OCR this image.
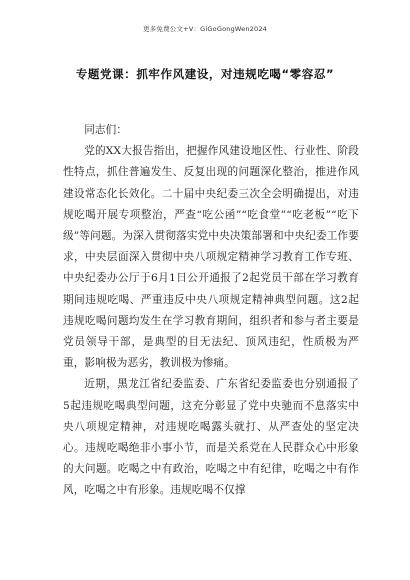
更多免费公文+V：GiGoGongWen2024
专题党课：抓牢作风建设，对违规吃喝“零容忍”

同志们：

党的XX大报告指出，把握作风建设地区性、行业性、阶段性特点，抓住普遍发生、反复出现的问题深化整治，推进作风建设常态化长效化。二十届中央纪委三次全会明确提出，对违规吃喝开展专项整治，严查“吃公函”“吃食堂”“吃老板”“吃下级”等问题。为深入贯彻落实党中央决策部署和中央纪委工作要求，中央层面深入贯彻中央八项规定精神学习教育工作专班、中央纪委办公厅于6月1日公开通报了2起党员干部在学习教育期间违规吃喝、严重违反中央八项规定精神典型问题。这2起违规吃喝问题均发生在学习教育期间，组织者和参与者主要是党员领导干部，是典型的目无法纪、顶风违纪，性质极为严重，影响极为恶劣，教训极为惨痛。

近期，黑龙江省纪委监委、广东省纪委监委也分别通报了5起违规吃喝典型问题，这充分彰显了党中央驰而不息落实中央八项规定精神，对违规吃喝露头就打、从严查处的坚定决心。违规吃喝绝非小事小节，而是关系党在人民群众心中形象的大问题。吃喝之中有政治，吃喝之中有纪律，吃喝之中有作风，吃喝之中有形象。违规吃喝不仅撑
